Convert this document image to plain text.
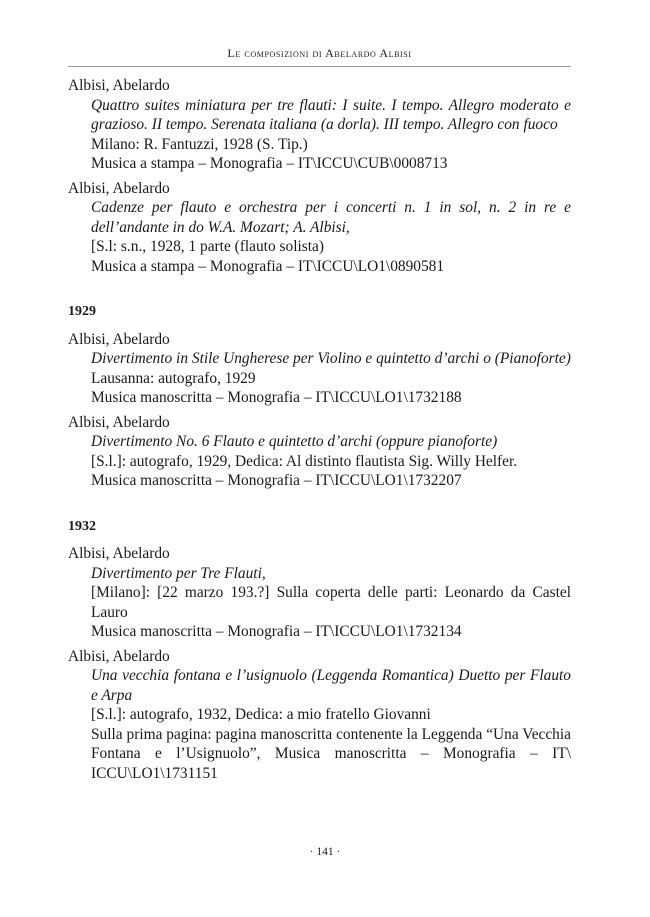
Le composizioni di Abelardo Albisi
Albisi, Abelardo
Quattro suites miniatura per tre flauti: I suite. I tempo. Allegro moderato e grazioso. II tempo. Serenata italiana (a dorla). III tempo. Allegro con fuoco
Milano: R. Fantuzzi, 1928 (S. Tip.)
Musica a stampa – Monografia – IT\ICCU\CUB\0008713
Albisi, Abelardo
Cadenze per flauto e orchestra per i concerti n. 1 in sol, n. 2 in re e dell’andante in do W.A. Mozart; A. Albisi,
[S.l: s.n., 1928, 1 parte (flauto solista)
Musica a stampa – Monografia – IT\ICCU\LO1\0890581
1929
Albisi, Abelardo
Divertimento in Stile Ungherese per Violino e quintetto d’archi o (Pianoforte)
Lausanna: autografo, 1929
Musica manoscritta – Monografia – IT\ICCU\LO1\1732188
Albisi, Abelardo
Divertimento No. 6 Flauto e quintetto d’archi (oppure pianoforte)
[S.l.]: autografo, 1929, Dedica: Al distinto flautista Sig. Willy Helfer.
Musica manoscritta – Monografia – IT\ICCU\LO1\1732207
1932
Albisi, Abelardo
Divertimento per Tre Flauti,
[Milano]: [22 marzo 193.?] Sulla coperta delle parti: Leonardo da Castel Lauro
Musica manoscritta – Monografia – IT\ICCU\LO1\1732134
Albisi, Abelardo
Una vecchia fontana e l’usignuolo (Leggenda Romantica) Duetto per Flauto e Arpa
[S.l.]: autografo, 1932, Dedica: a mio fratello Giovanni
Sulla prima pagina: pagina manoscritta contenente la Leggenda “Una Vecchia Fontana e l’Usignuolo”, Musica manoscritta – Monografia – IT\ ICCU\LO1\1731151
· 141 ·
